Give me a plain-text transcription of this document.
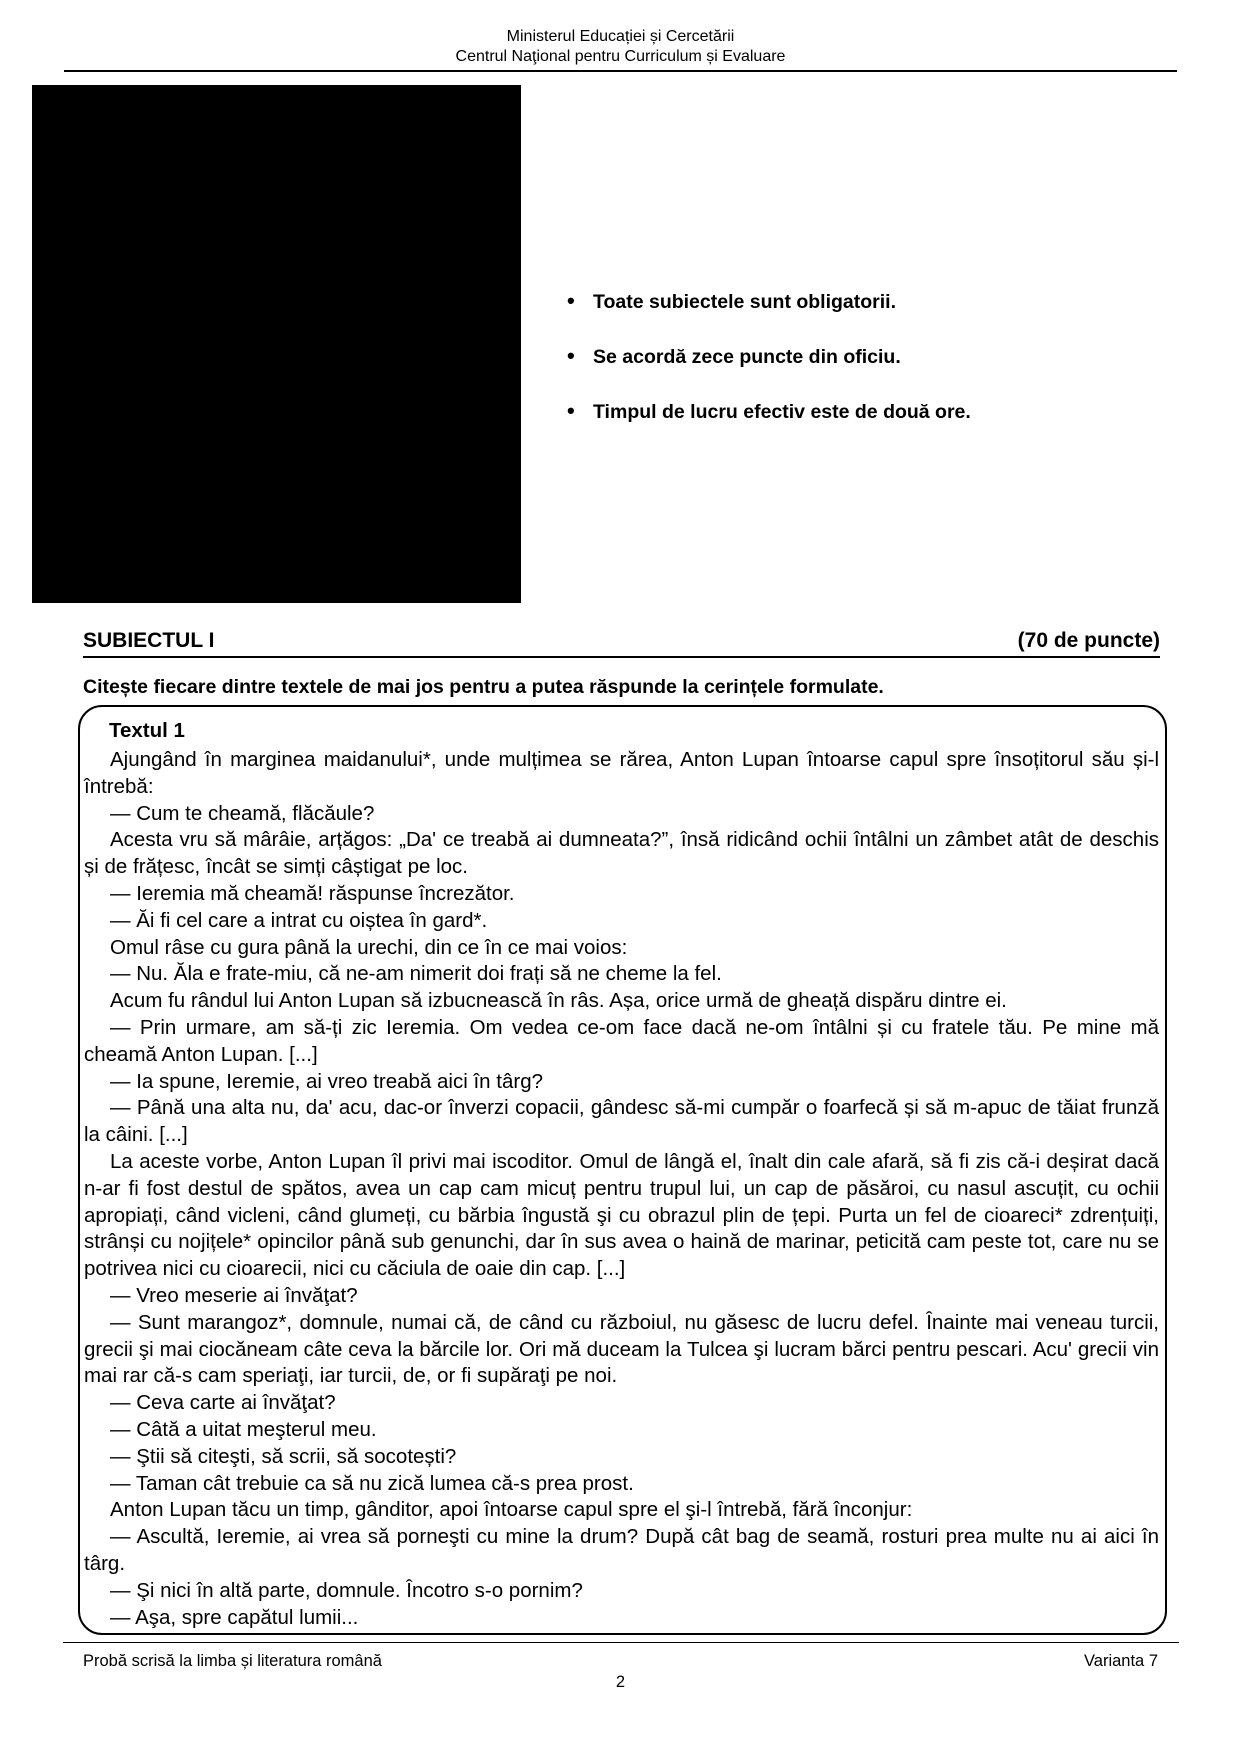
Ministerul Educației și Cercetării
Centrul Naţional pentru Curriculum și Evaluare
• Toate subiectele sunt obligatorii.
• Se acordă zece puncte din oficiu.
• Timpul de lucru efectiv este de două ore.
SUBIECTUL I	(70 de puncte)
Citește fiecare dintre textele de mai jos pentru a putea răspunde la cerințele formulate.
Textul 1

Ajungând în marginea maidanului*, unde mulțimea se rărea, Anton Lupan întoarse capul spre însoțitorul său și-l întrebă:

— Cum te cheamă, flăcăule?

Acesta vru să mârâie, arțăgos: „Da' ce treabă ai dumneata?”, însă ridicând ochii întâlni un zâmbet atât de deschis și de frățesc, încât se simți câștigat pe loc.

— Ieremia mă cheamă! răspunse încrezător.

— Ăi fi cel care a intrat cu oiștea în gard*.

Omul râse cu gura până la urechi, din ce în ce mai voios:

— Nu. Ăla e frate-miu, că ne-am nimerit doi frați să ne cheme la fel.

Acum fu rândul lui Anton Lupan să izbucnească în râs. Așa, orice urmă de gheață dispăru dintre ei.

— Prin urmare, am să-ți zic Ieremia. Om vedea ce-om face dacă ne-om întâlni și cu fratele tău. Pe mine mă cheamă Anton Lupan. [...]

— Ia spune, Ieremie, ai vreo treabă aici în târg?

— Până una alta nu, da' acu, dac-or înverzi copacii, gândesc să-mi cumpăr o foarfecă și să m-apuc de tăiat frunză la câini. [...]

La aceste vorbe, Anton Lupan îl privi mai iscoditor. Omul de lângă el, înalt din cale afară, să fi zis că-i deșirat dacă n-ar fi fost destul de spătos, avea un cap cam micuț pentru trupul lui, un cap de păsăroi, cu nasul ascuțit, cu ochii apropiați, când vicleni, când glumeți, cu bărbia îngustă şi cu obrazul plin de țepi. Purta un fel de cioareci* zdrențuiți, strânși cu nojițele* opincilor până sub genunchi, dar în sus avea o haină de marinar, peticită cam peste tot, care nu se potrivea nici cu cioarecii, nici cu căciula de oaie din cap. [...]

— Vreo meserie ai învăţat?

— Sunt marangoz*, domnule, numai că, de când cu războiul, nu găsesc de lucru defel. Înainte mai veneau turcii, grecii şi mai ciocăneam câte ceva la bărcile lor. Ori mă duceam la Tulcea şi lucram bărci pentru pescari. Acu' grecii vin mai rar că-s cam speriaţi, iar turcii, de, or fi supăraţi pe noi.

— Ceva carte ai învăţat?

— Câtă a uitat meşterul meu.

— Ştii să citeşti, să scrii, să socotești?

— Taman cât trebuie ca să nu zică lumea că-s prea prost.

Anton Lupan tăcu un timp, gânditor, apoi întoarse capul spre el şi-l întrebă, fără înconjur:

— Ascultă, Ieremie, ai vrea să porneşti cu mine la drum? După cât bag de seamă, rosturi prea multe nu ai aici în târg.

— Şi nici în altă parte, domnule. Încotro s-o pornim?

— Aşa, spre capătul lumii...

Probă scrisă la limba și literatura română	Varianta 7
2
